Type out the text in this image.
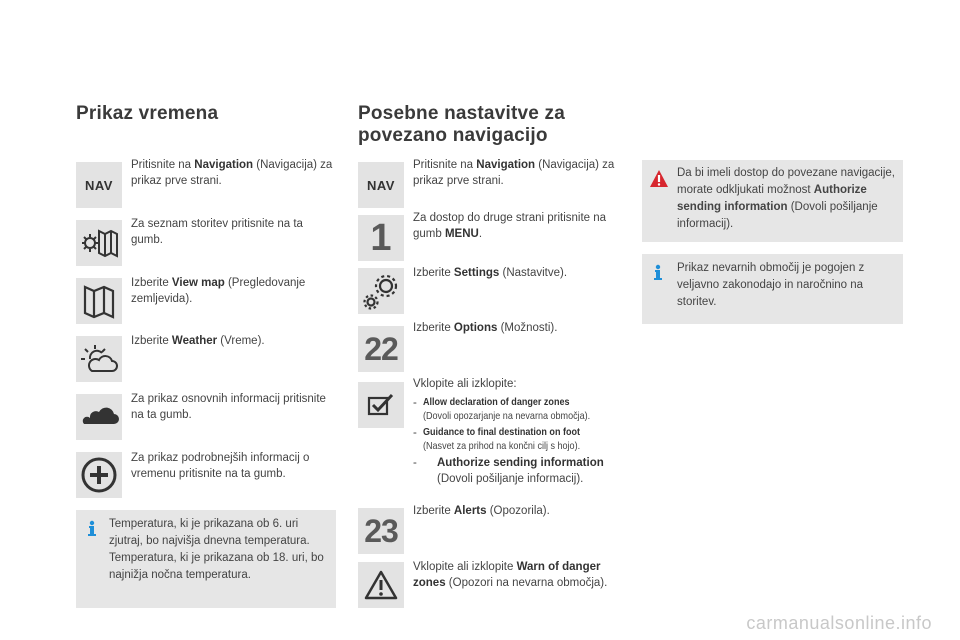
Prikaz vremena
NAV
Pritisnite na Navigation (Navigacija) za prikaz prve strani.
Za seznam storitev pritisnite na ta gumb.
Izberite View map (Pregledovanje zemljevida).
Izberite Weather (Vreme).
Za prikaz osnovnih informacij pritisnite na ta gumb.
Za prikaz podrobnejših informacij o vremenu pritisnite na ta gumb.
Temperatura, ki je prikazana ob 6. uri zjutraj, bo najvišja dnevna temperatura. Temperatura, ki je prikazana ob 18. uri, bo najnižja nočna temperatura.
Posebne nastavitve za
povezano navigacijo
NAV
Pritisnite na Navigation (Navigacija) za prikaz prve strani.
1 Za dostop do druge strani pritisnite na gumb MENU.
Izberite Settings (Nastavitve).
22
Izberite Options (Možnosti).
Vklopite ali izklopite:
- Allow declaration of danger zones
(Dovoli opozarjanje na nevarna območja).
- Guidance to final destination on foot
(Nasvet za prihod na končni cilj s hojo).
- Authorize sending information
(Dovoli pošiljanje informacij).
23
Izberite Alerts (Opozorila).
Vklopite ali izklopite Warn of danger zones (Opozori na nevarna območja).
Da bi imeli dostop do povezane navigacije, morate odkljukati možnost Authorize sending information (Dovoli pošiljanje informacij).
Prikaz nevarnih območij je pogojen z veljavno zakonodajo in naročnino na storitev.
carmanualsonline.info
